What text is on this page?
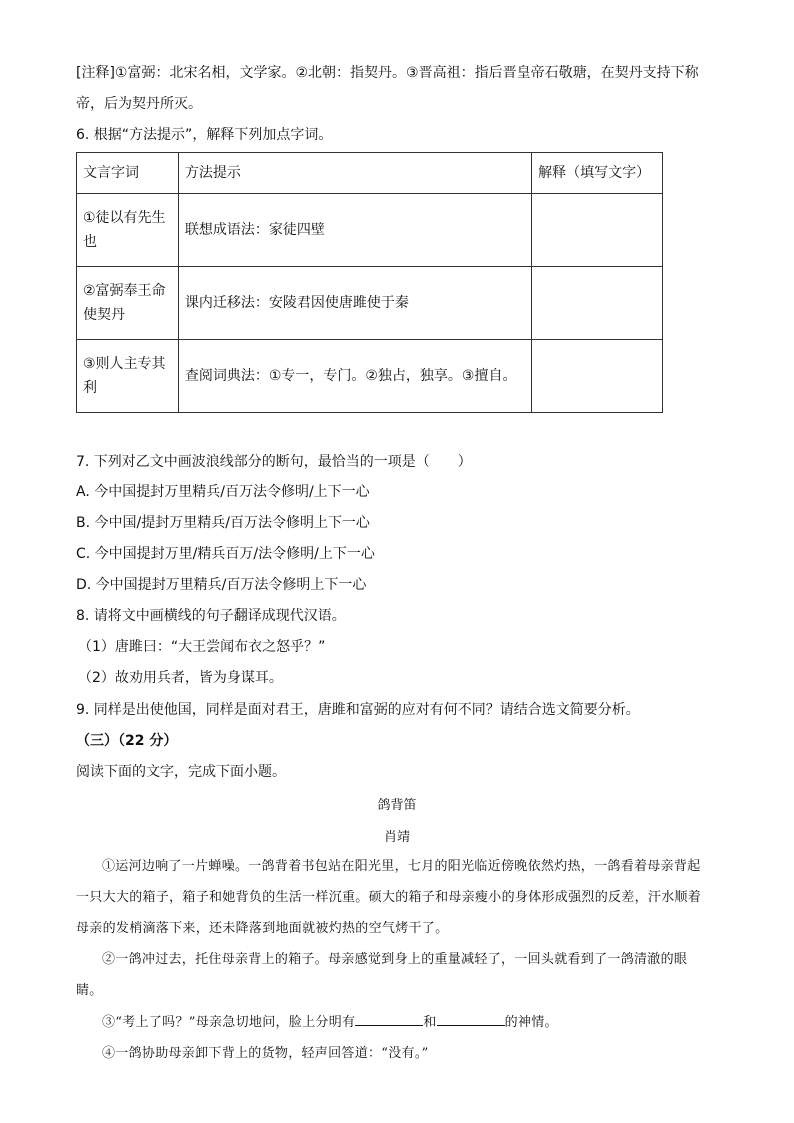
[注释]①富弼：北宋名相，文学家。②北朝：指契丹。③晋高祖：指后晋皇帝石敬瑭，在契丹支持下称
帝，后为契丹所灭。
6. 根据“方法提示”，解释下列加点字词。
文言字词	方法提示	解释（填写文字）
①徒以有先生
也	联想成语法：家徒四壁	
②富弼奉王命
使契丹	课内迁移法：安陵君因使唐雎使于秦	
③则人主专其
利	查阅词典法：①专一，专门。②独占，独享。③擅自。	
7. 下列对乙文中画波浪线部分的断句，最恰当的一项是（　　）
A. 今中国提封万里精兵/百万法令修明/上下一心
B. 今中国/提封万里精兵/百万法令修明上下一心
C. 今中国提封万里/精兵百万/法令修明/上下一心
D. 今中国提封万里精兵/百万法令修明上下一心
8. 请将文中画横线的句子翻译成现代汉语。
（1）唐雎曰：“大王尝闻布衣之怒乎？”
（2）故劝用兵者，皆为身谋耳。
9. 同样是出使他国，同样是面对君王，唐雎和富弼的应对有何不同？请结合选文简要分析。
（三）（22 分）
阅读下面的文字，完成下面小题。
鸽背笛
肖靖
①运河边响了一片蝉噪。一鸽背着书包站在阳光里，七月的阳光临近傍晚依然灼热，一鸽看着母亲背起一只大大的箱子，箱子和她背负的生活一样沉重。硕大的箱子和母亲瘦小的身体形成强烈的反差，汗水顺着母亲的发梢滴落下来，还未降落到地面就被灼热的空气烤干了。
②一鸽冲过去，托住母亲背上的箱子。母亲感觉到身上的重量减轻了，一回头就看到了一鸽清澈的眼睛。
③“考上了吗？”母亲急切地问，脸上分明有	和	的神情。
④一鸽协助母亲卸下背上的货物，轻声回答道：“没有。”
